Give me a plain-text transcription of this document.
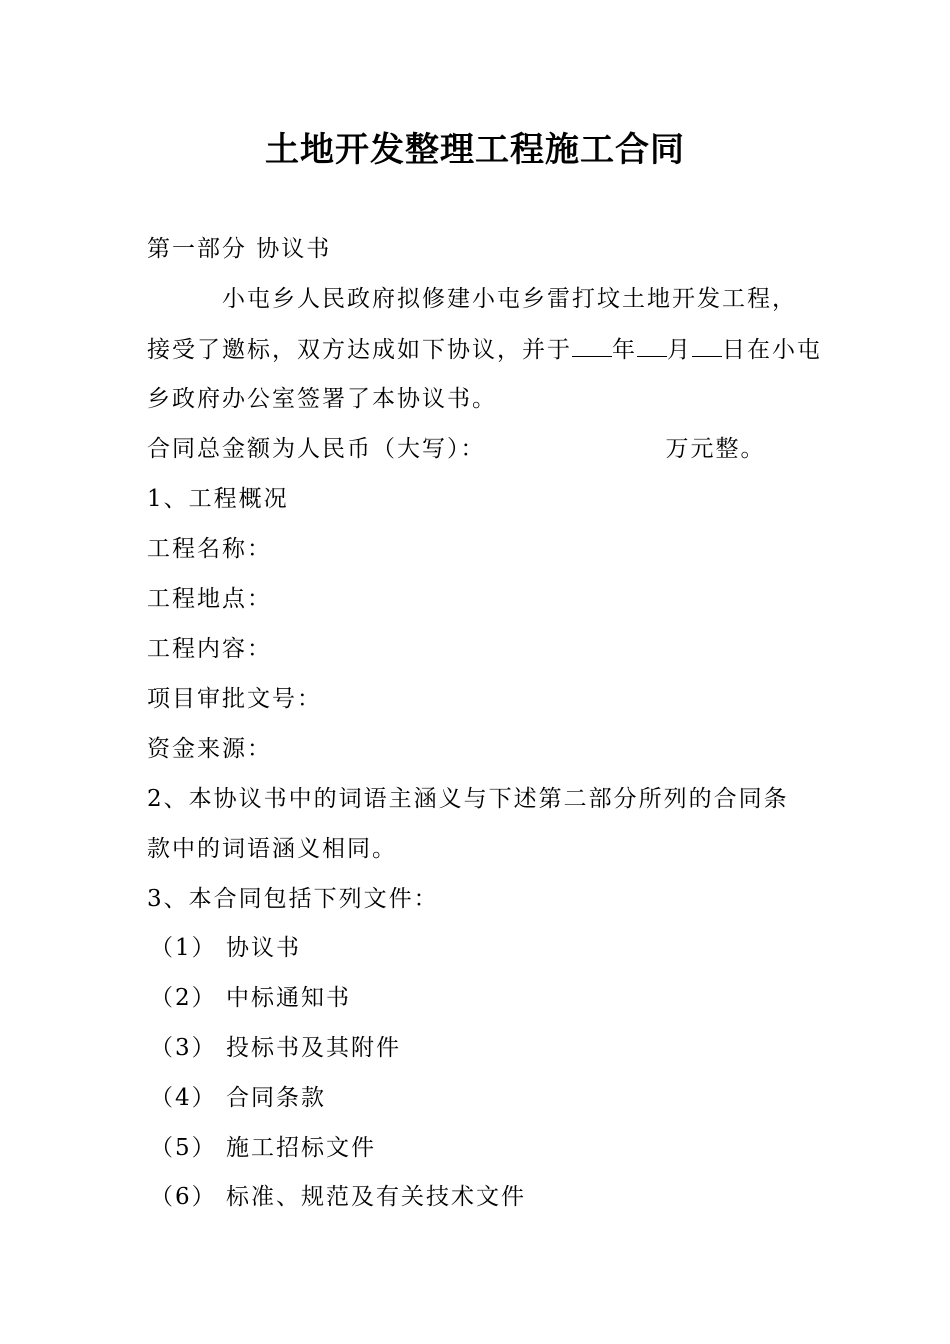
土地开发整理工程施工合同
第一部分 协议书
小屯乡人民政府拟修建小屯乡雷打坟土地开发工程，
接受了邀标，双方达成如下协议，并于 年 月 日在小屯
乡政府办公室签署了本协议书。
合同总金额为人民币（大写）：	万元整。
1、工程概况
工程名称：
工程地点：
工程内容：
项目审批文号：
资金来源：
2、本协议书中的词语主涵义与下述第二部分所列的合同条
款中的词语涵义相同。
3、本合同包括下列文件：
（1） 协议书
（2） 中标通知书
（3） 投标书及其附件
（4） 合同条款
（5） 施工招标文件
（6） 标准、规范及有关技术文件
